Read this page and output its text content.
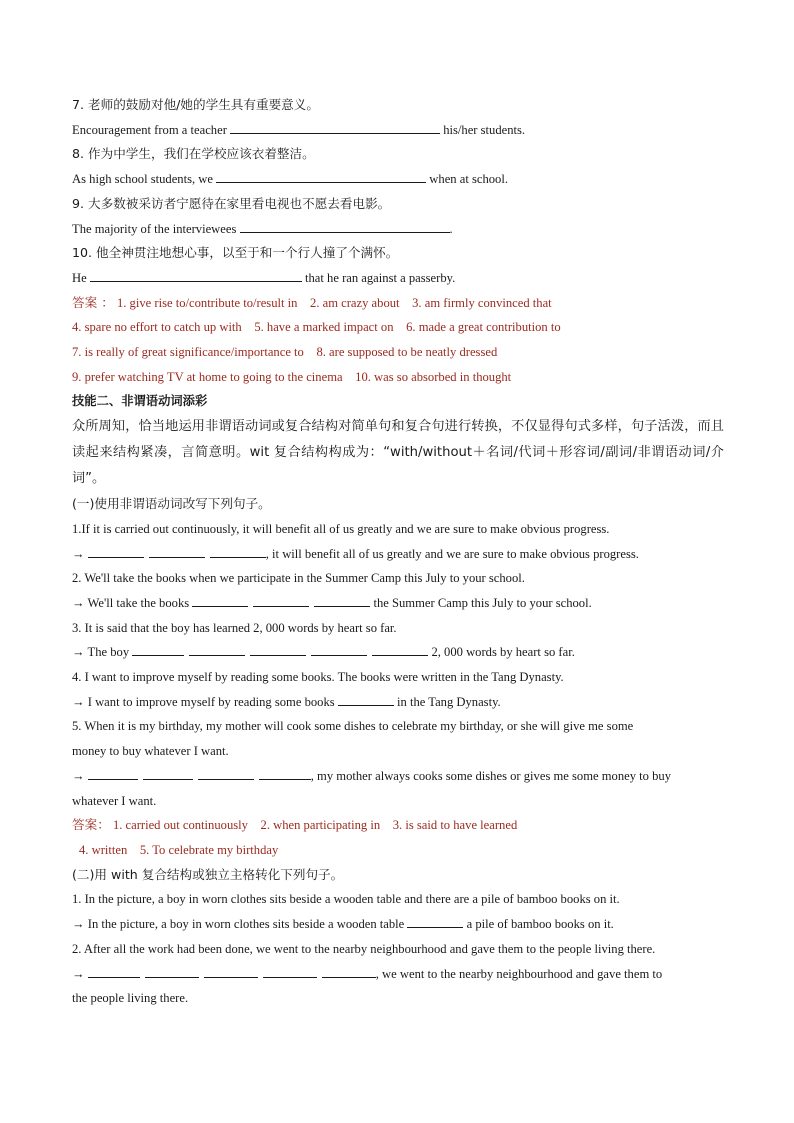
7. 老师的鼓励对他/她的学生具有重要意义。
Encouragement from a teacher	his/her students.
8. 作为中学生，我们在学校应该衣着整洁。
As high school students, we	when at school.
9. 大多数被采访者宁愿待在家里看电视也不愿去看电影。
The majority of the interviewees	.
10. 他全神贯注地想心事，以至于和一个行人撞了个满怀。
He	that he ran against a passerby.
答案 ： 1. give rise to/contribute to/result in　2. am crazy about　3. am firmly convinced that
4. spare no effort to catch up with　5. have a marked impact on　6. made a great contribution to
7. is really of great significance/importance to　8. are supposed to be neatly dressed
9. prefer watching TV at home to going to the cinema　10. was so absorbed in thought
技能二、非谓语动词添彩

众所周知，恰当地运用非谓语动词或复合结构对简单句和复合句进行转换，不仅显得句式多样，句子活泼，而且读起来结构紧凑，言简意明。wit 复合结构构成为：“with/without＋名词/代词＋形容词/副词/非谓语动词/介词”。

(一)使用非谓语动词改写下列句子。
1.If it is carried out continuously, it will benefit all of us greatly and we are sure to make obvious progress.
→	, it will benefit all of us greatly and we are sure to make obvious progress.
2. We'll take the books when we participate in the Summer Camp this July to your school.
→ We'll take the books	the Summer Camp this July to your school.
3. It is said that the boy has learned 2, 000 words by heart so far.
→ The boy	2, 000 words by heart so far.
4. I want to improve myself by reading some books. The books were written in the Tang Dynasty.
→ I want to improve myself by reading some books	in the Tang Dynasty.
5. When it is my birthday, my mother will cook some dishes to celebrate my birthday, or she will give me some
money to buy whatever I want.
→	, my mother always cooks some dishes or gives me some money to buy
whatever I want.
答案： 1. carried out continuously　2. when participating in　3. is said to have learned
4. written　5. To celebrate my birthday
(二)用 with 复合结构或独立主格转化下列句子。
1. In the picture, a boy in worn clothes sits beside a wooden table and there are a pile of bamboo books on it.
→ In the picture, a boy in worn clothes sits beside a wooden table	a pile of bamboo books on it.
2. After all the work had been done, we went to the nearby neighbourhood and gave them to the people living there.
→	, we went to the nearby neighbourhood and gave them to
the people living there.
